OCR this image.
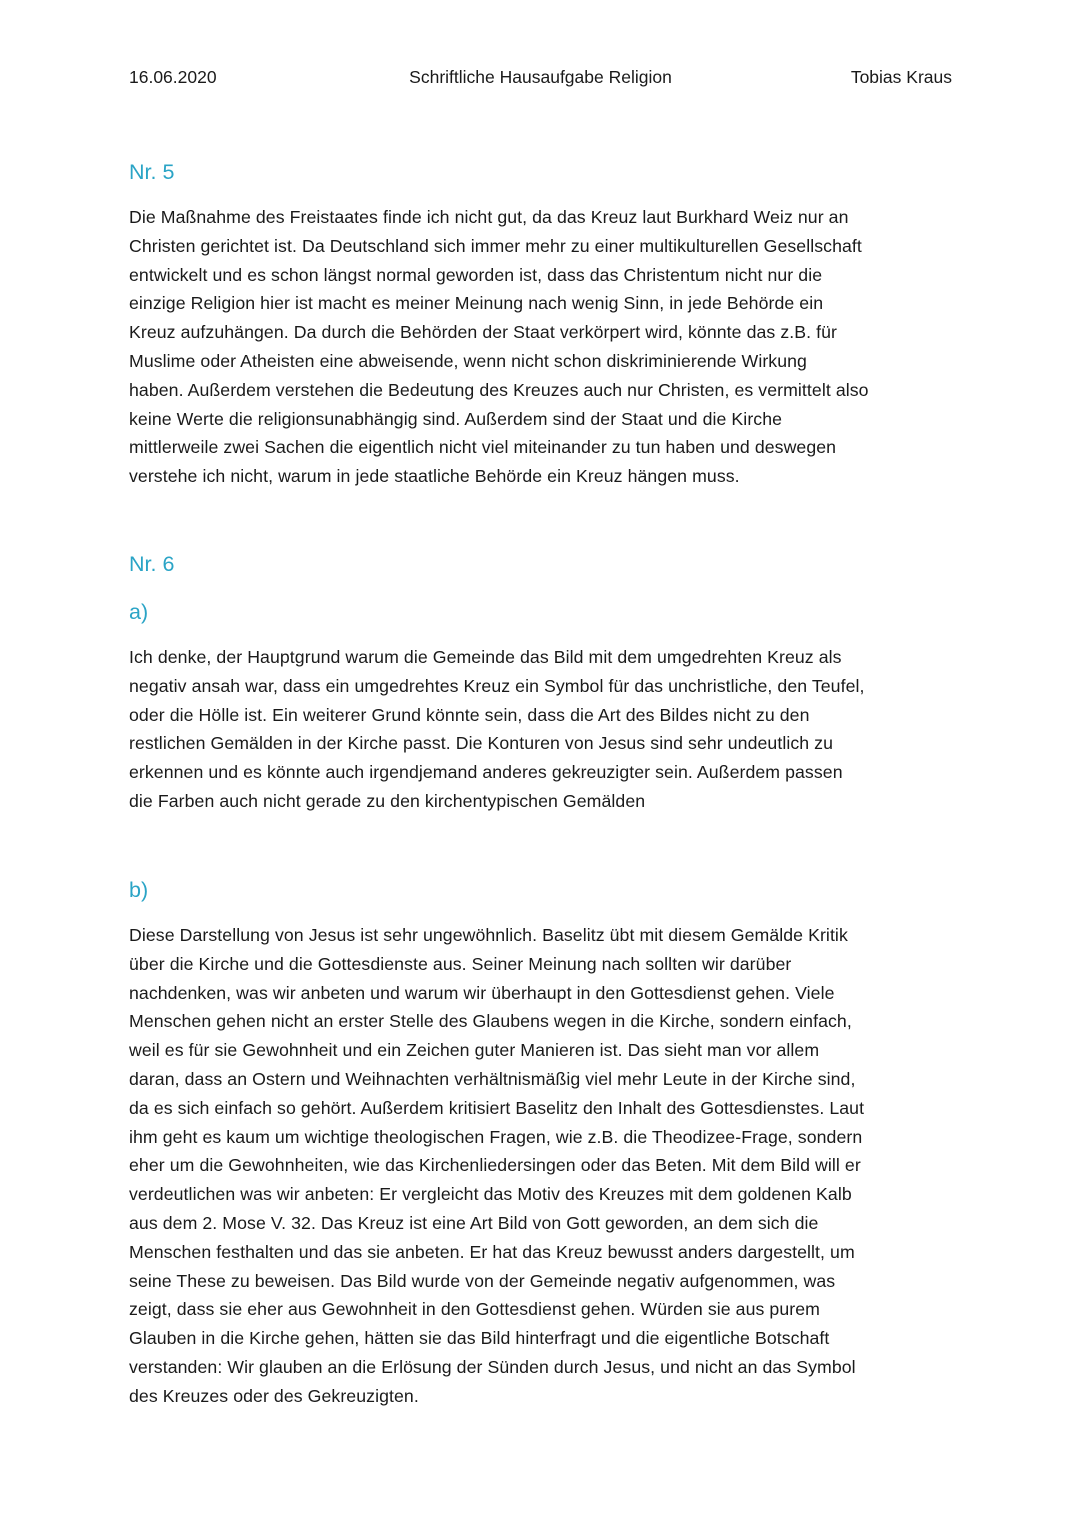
16.06.2020	Schriftliche Hausaufgabe Religion	Tobias Kraus
Nr. 5

Die Maßnahme des Freistaates finde ich nicht gut, da das Kreuz laut Burkhard Weiz nur an
Christen gerichtet ist. Da Deutschland sich immer mehr zu einer multikulturellen Gesellschaft
entwickelt und es schon längst normal geworden ist, dass das Christentum nicht nur die
einzige Religion hier ist macht es meiner Meinung nach wenig Sinn, in jede Behörde ein
Kreuz aufzuhängen. Da durch die Behörden der Staat verkörpert wird, könnte das z.B. für
Muslime oder Atheisten eine abweisende, wenn nicht schon diskriminierende Wirkung
haben. Außerdem verstehen die Bedeutung des Kreuzes auch nur Christen, es vermittelt also
keine Werte die religionsunabhängig sind. Außerdem sind der Staat und die Kirche
mittlerweile zwei Sachen die eigentlich nicht viel miteinander zu tun haben und deswegen
verstehe ich nicht, warum in jede staatliche Behörde ein Kreuz hängen muss.

Nr. 6
a)

Ich denke, der Hauptgrund warum die Gemeinde das Bild mit dem umgedrehten Kreuz als
negativ ansah war, dass ein umgedrehtes Kreuz ein Symbol für das unchristliche, den Teufel,
oder die Hölle ist. Ein weiterer Grund könnte sein, dass die Art des Bildes nicht zu den
restlichen Gemälden in der Kirche passt. Die Konturen von Jesus sind sehr undeutlich zu
erkennen und es könnte auch irgendjemand anderes gekreuzigter sein. Außerdem passen
die Farben auch nicht gerade zu den kirchentypischen Gemälden

b)

Diese Darstellung von Jesus ist sehr ungewöhnlich. Baselitz übt mit diesem Gemälde Kritik
über die Kirche und die Gottesdienste aus. Seiner Meinung nach sollten wir darüber
nachdenken, was wir anbeten und warum wir überhaupt in den Gottesdienst gehen. Viele
Menschen gehen nicht an erster Stelle des Glaubens wegen in die Kirche, sondern einfach,
weil es für sie Gewohnheit und ein Zeichen guter Manieren ist. Das sieht man vor allem
daran, dass an Ostern und Weihnachten verhältnismäßig viel mehr Leute in der Kirche sind,
da es sich einfach so gehört. Außerdem kritisiert Baselitz den Inhalt des Gottesdienstes. Laut
ihm geht es kaum um wichtige theologischen Fragen, wie z.B. die Theodizee-Frage, sondern
eher um die Gewohnheiten, wie das Kirchenliedersingen oder das Beten. Mit dem Bild will er
verdeutlichen was wir anbeten: Er vergleicht das Motiv des Kreuzes mit dem goldenen Kalb
aus dem 2. Mose V. 32. Das Kreuz ist eine Art Bild von Gott geworden, an dem sich die
Menschen festhalten und das sie anbeten. Er hat das Kreuz bewusst anders dargestellt, um
seine These zu beweisen. Das Bild wurde von der Gemeinde negativ aufgenommen, was
zeigt, dass sie eher aus Gewohnheit in den Gottesdienst gehen. Würden sie aus purem
Glauben in die Kirche gehen, hätten sie das Bild hinterfragt und die eigentliche Botschaft
verstanden: Wir glauben an die Erlösung der Sünden durch Jesus, und nicht an das Symbol
des Kreuzes oder des Gekreuzigten.
